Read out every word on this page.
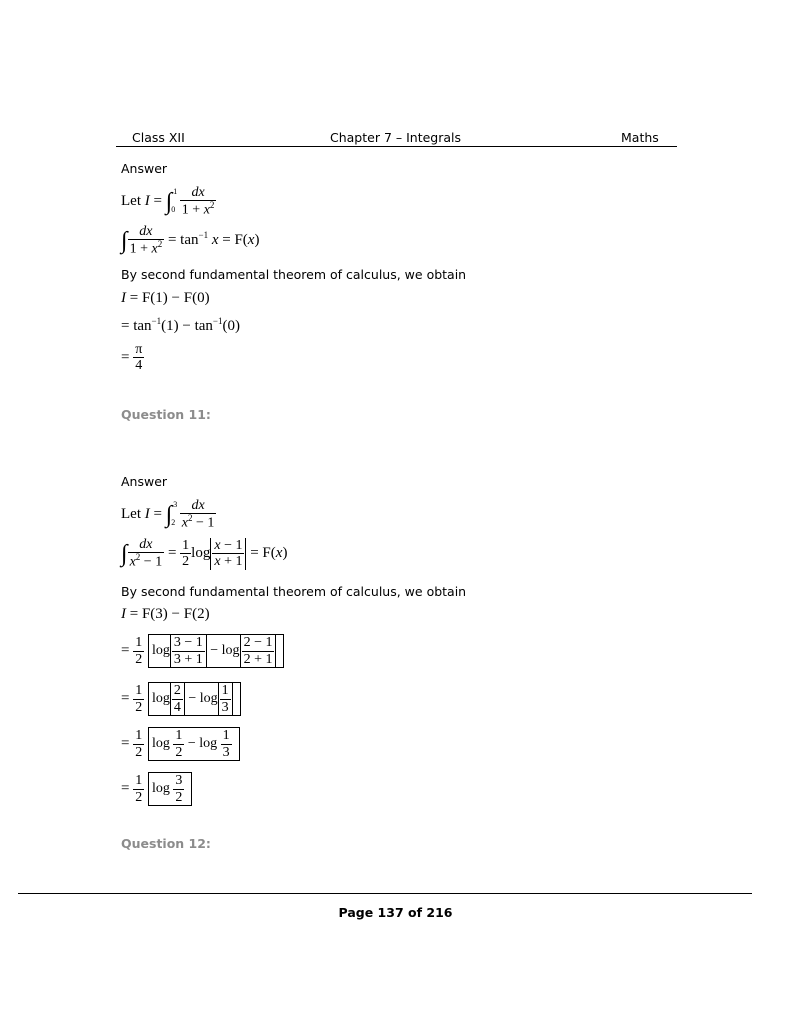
Class XII	Chapter 7 – Integrals	Maths
Answer
Let I = ∫ 1
0
$\frac{dx}{1 + x^2}$
∫ $\frac{dx}{1 + x^2} = \tan^{-1} x = F(x)$
By second fundamental theorem of calculus, we obtain
I = F(1) − F(0)
= $\tan^{-1}(1) - \tan^{-1}(0)$
= $\frac{\pi}{4}$
Question 11:
Answer
Let I = ∫ 3
2
$\frac{dx}{x^2 - 1}$
∫ $\frac{dx}{x^2 - 1} = \frac{1}{2}$ $\log \frac{x - 1}{x + 1} = F(x)$
By second fundamental theorem of calculus, we obtain
I = F(3) − F(2)
= $\frac{1}{2}$ $\log \frac{3 - 1}{3 + 1} - \log \frac{2 - 1}{2 + 1}$
= $\frac{1}{2}$ $\log \frac{2}{4} - \log \frac{1}{3}$
= $\frac{1}{2}$ $\log \frac{1}{2} - \log \frac{1}{3}$
= $\frac{1}{2}$ $\log \frac{3}{2}$
Question 12:
Page 137 of 216
